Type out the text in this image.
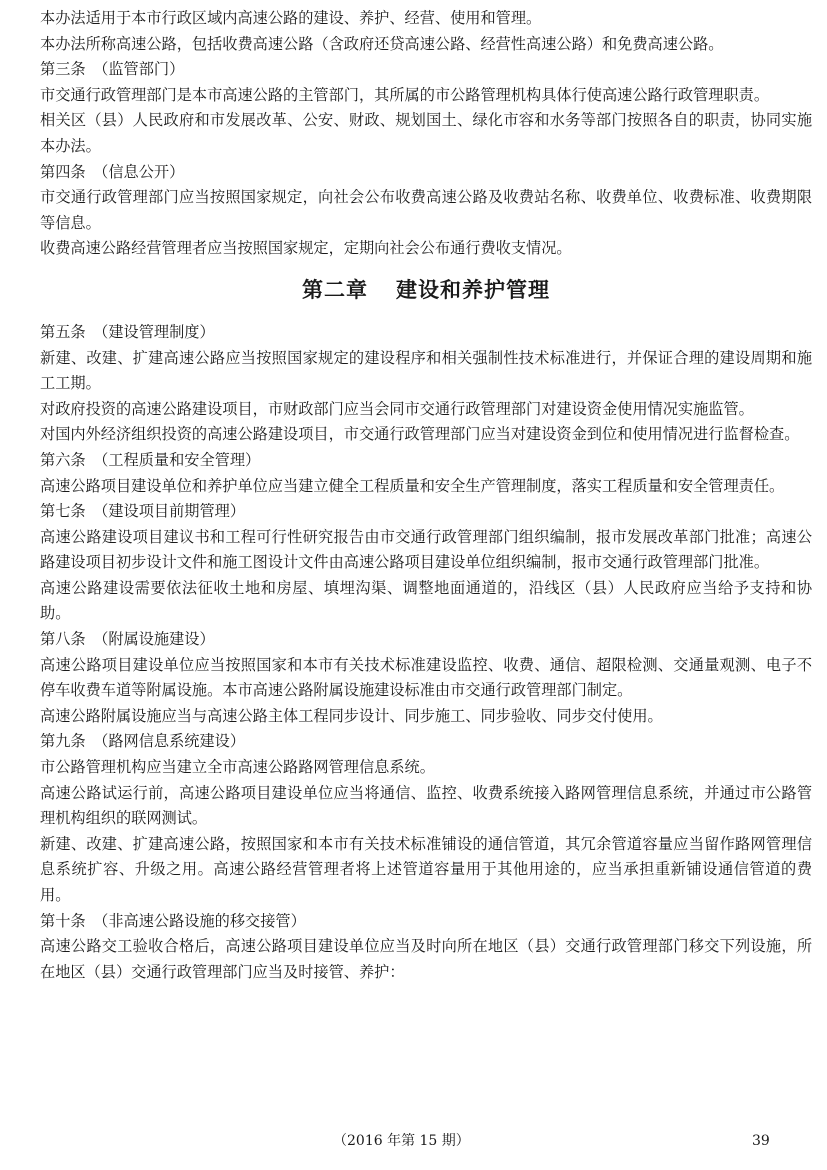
本办法适用于本市行政区域内高速公路的建设、养护、经营、使用和管理。

本办法所称高速公路，包括收费高速公路（含政府还贷高速公路、经营性高速公路）和免费高速公路。

第三条　（监管部门）

市交通行政管理部门是本市高速公路的主管部门，其所属的市公路管理机构具体行使高速公路行政管理职责。

相关区（县）人民政府和市发展改革、公安、财政、规划国土、绿化市容和水务等部门按照各自的职责，协同实施本办法。

第四条　（信息公开）

市交通行政管理部门应当按照国家规定，向社会公布收费高速公路及收费站名称、收费单位、收费标准、收费期限等信息。

收费高速公路经营管理者应当按照国家规定，定期向社会公布通行费收支情况。

第二章 建设和养护管理

第五条　（建设管理制度）

新建、改建、扩建高速公路应当按照国家规定的建设程序和相关强制性技术标准进行，并保证合理的建设周期和施工工期。

对政府投资的高速公路建设项目，市财政部门应当会同市交通行政管理部门对建设资金使用情况实施监管。

对国内外经济组织投资的高速公路建设项目，市交通行政管理部门应当对建设资金到位和使用情况进行监督检查。

第六条　（工程质量和安全管理）

高速公路项目建设单位和养护单位应当建立健全工程质量和安全生产管理制度，落实工程质量和安全管理责任。

第七条　（建设项目前期管理）

高速公路建设项目建议书和工程可行性研究报告由市交通行政管理部门组织编制，报市发展改革部门批准；高速公路建设项目初步设计文件和施工图设计文件由高速公路项目建设单位组织编制，报市交通行政管理部门批准。

高速公路建设需要依法征收土地和房屋、填埋沟渠、调整地面通道的，沿线区（县）人民政府应当给予支持和协助。

第八条　（附属设施建设）

高速公路项目建设单位应当按照国家和本市有关技术标准建设监控、收费、通信、超限检测、交通量观测、电子不停车收费车道等附属设施。本市高速公路附属设施建设标准由市交通行政管理部门制定。

高速公路附属设施应当与高速公路主体工程同步设计、同步施工、同步验收、同步交付使用。

第九条　（路网信息系统建设）

市公路管理机构应当建立全市高速公路路网管理信息系统。

高速公路试运行前，高速公路项目建设单位应当将通信、监控、收费系统接入路网管理信息系统，并通过市公路管理机构组织的联网测试。

新建、改建、扩建高速公路，按照国家和本市有关技术标准铺设的通信管道，其冗余管道容量应当留作路网管理信息系统扩容、升级之用。高速公路经营管理者将上述管道容量用于其他用途的，应当承担重新铺设通信管道的费用。

第十条　（非高速公路设施的移交接管）

高速公路交工验收合格后，高速公路项目建设单位应当及时向所在地区（县）交通行政管理部门移交下列设施，所在地区（县）交通行政管理部门应当及时接管、养护：

（2016 年第 15 期）	39
